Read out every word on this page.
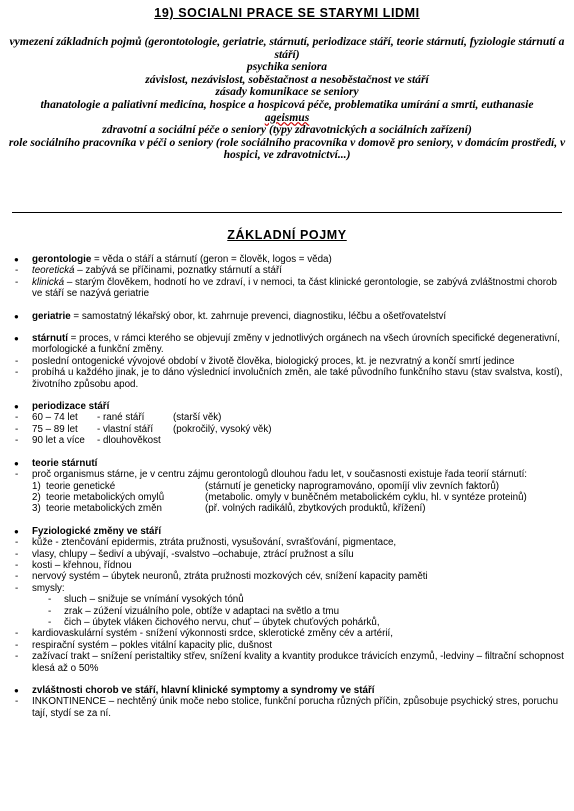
19) SOCIALNI PRACE SE STARYMI LIDMI
vymezení základních pojmů (gerontotologie, geriatrie, stárnutí, periodizace stáří, teorie stárnutí, fyziologie stárnutí a stáří)
psychika seniora
závislost, nezávislost, soběstačnost a nesoběstačnost ve stáří
zásady komunikace se seniory
thanatologie a paliativní medicína, hospice a hospicová péče, problematika umírání a smrti, euthanasie
ageismus
zdravotní a sociální péče o seniory (typy zdravotnických a sociálních zařízení)
role sociálního pracovníka v péči o seniory (role sociálního pracovníka v domově pro seniory, v domácím prostředí, v hospici, ve zdravotnictví...)
ZÁKLADNÍ POJMY
● gerontologie = věda o stáří a stárnutí (geron = člověk, logos = věda)
- teoretická – zabývá se příčinami, poznatky stárnutí a stáří
- klinická – starým člověkem, hodnotí ho ve zdraví, i v nemoci, ta část klinické gerontologie, se zabývá zvláštnostmi chorob ve stáří se nazývá geriatrie
● geriatrie = samostatný lékařský obor, kt. zahrnuje prevenci, diagnostiku, léčbu a ošetřovatelství
● stárnutí = proces, v rámci kterého se objevují změny v jednotlivých orgánech na všech úrovních specifické degenerativní, morfologické a funkční změny.
- poslední ontogenické vývojové období v životě člověka, biologický proces, kt. je nezvratný a končí smrtí jedince
- probíhá u každého jinak, je to dáno výslednicí involučních změn, ale také původního funkčního stavu (stav svalstva, kostí), životního způsobu apod.
● periodizace stáří
- 60 – 74 let - rané stáří	(starší věk)
- 75 – 89 let - vlastní stáří (pokročilý, vysoký věk)
- 90 let a více - dlouhověkost
● teorie stárnutí
- proč organismus stárne, je v centru zájmu gerontologů dlouhou řadu let, v současnosti existuje řada teorií stárnutí:
1) teorie genetické	(stárnutí je geneticky naprogramováno, opomíjí vliv zevních faktorů)
2) teorie metabolických omylů	(metabolic. omyly v buněčném metabolickém cyklu, hl. v syntéze proteinů)
3) teorie metabolických změn	(př. volných radikálů, zbytkových produktů, křížení)
● Fyziologické změny ve stáří
- kůže - ztenčování epidermis, ztráta pružnosti, vysušování, svrašťování, pigmentace,
- vlasy, chlupy – šediví a ubývají, -svalstvo –ochabuje, ztrácí pružnost a sílu
- kosti – křehnou, řídnou
- nervový systém – úbytek neuronů, ztráta pružnosti mozkových cév, snížení kapacity paměti
- smysly:
- sluch – snižuje se vnímání vysokých tónů
- zrak – zúžení vizuálního pole, obtíže v adaptaci na světlo a tmu
- čich – úbytek vláken čichového nervu, chuť – úbytek chuťových pohárků,
- kardiovaskulární systém - snížení výkonnosti srdce, sklerotické změny cév a artérií,
- respirační systém – pokles vitální kapacity plic, dušnost
- zažívací trakt – snížení peristaltiky střev, snížení kvality a kvantity produkce trávicích enzymů, -ledviny – filtrační schopnost klesá až o 50%
● zvláštnosti chorob ve stáří, hlavní klinické symptomy a syndromy ve stáří
- INKONTINENCE – nechtěný únik moče nebo stolice, funkční porucha různých příčin, způsobuje psychický stres, poruchu tají, stydí se za ní.
